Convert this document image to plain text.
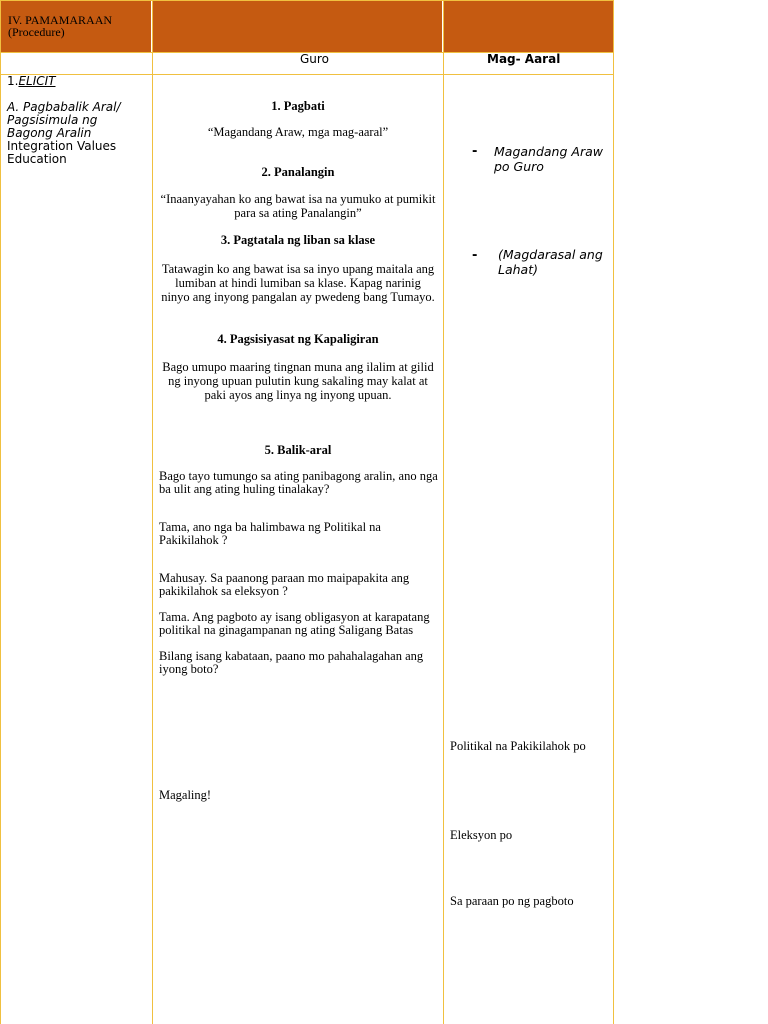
IV. PAMAMARAAN
(Procedure)
Guro	Mag- Aaral
1.ELICIT
A. Pagbabalik Aral/
Pagsisimula ng
Bagong Aralin
Integration Values
Education
1. Pagbati
“Magandang Araw, mga mag-aaral”
2. Panalangin
“Inaanyayahan ko ang bawat isa na yumuko at pumikit para sa ating Panalangin”
3. Pagtatala ng liban sa klase
Tatawagin ko ang bawat isa sa inyo upang maitala ang lumiban at hindi lumiban sa klase. Kapag narinig ninyo ang inyong pangalan ay pwedeng bang Tumayo.
4. Pagsisiyasat ng Kapaligiran
Bago umupo maaring tingnan muna ang ilalim at gilid ng inyong upuan pulutin kung sakaling may kalat at paki ayos ang linya ng inyong upuan.
5. Balik-aral
Bago tayo tumungo sa ating panibagong aralin, ano nga ba ulit ang ating huling tinalakay?
Tama, ano nga ba halimbawa ng Politikal na Pakikilahok ?
Mahusay. Sa paanong paraan mo maipapakita ang pakikilahok sa eleksyon ?
Tama. Ang pagboto ay isang obligasyon at karapatang politikal na ginagampanan ng ating Saligang Batas
Bilang isang kabataan, paano mo pahahalagahan ang iyong boto?
Magaling!
- Magandang Araw po Guro
- (Magdarasal ang Lahat)
Politikal na Pakikilahok po
Eleksyon po
Sa paraan po ng pagboto
